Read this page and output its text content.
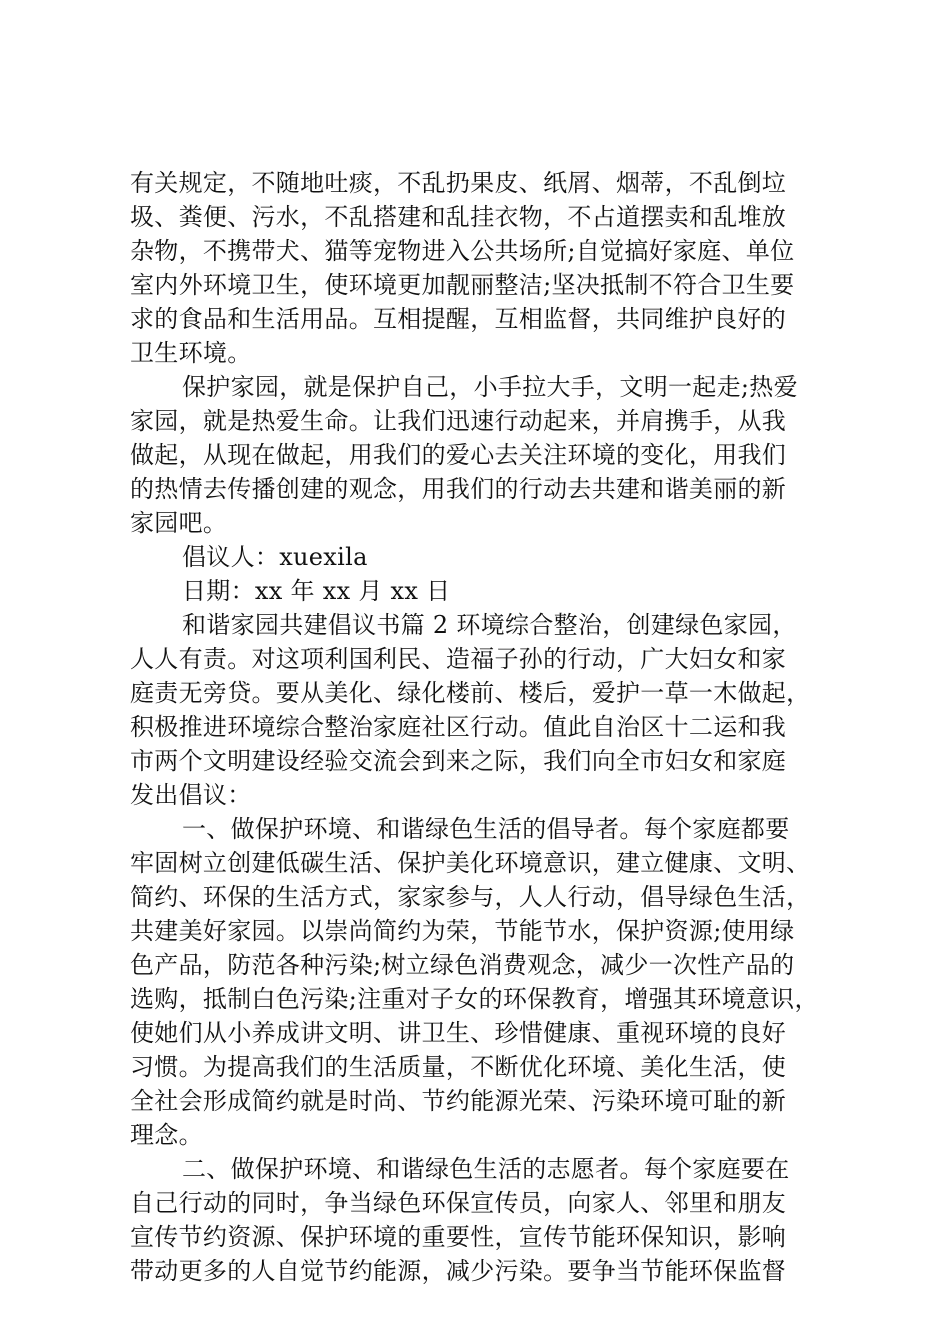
有关规定，不随地吐痰，不乱扔果皮、纸屑、烟蒂，不乱倒垃
圾、粪便、污水，不乱搭建和乱挂衣物，不占道摆卖和乱堆放
杂物，不携带犬、猫等宠物进入公共场所;自觉搞好家庭、单位
室内外环境卫生，使环境更加靓丽整洁;坚决抵制不符合卫生要
求的食品和生活用品。互相提醒，互相监督，共同维护良好的
卫生环境。
保护家园，就是保护自己，小手拉大手，文明一起走;热爱
家园，就是热爱生命。让我们迅速行动起来，并肩携手，从我
做起，从现在做起，用我们的爱心去关注环境的变化，用我们
的热情去传播创建的观念，用我们的行动去共建和谐美丽的新
家园吧。
倡议人：xuexila
日期：xx 年 xx 月 xx 日
和谐家园共建倡议书篇 2 环境综合整治，创建绿色家园，
人人有责。对这项利国利民、造福子孙的行动，广大妇女和家
庭责无旁贷。要从美化、绿化楼前、楼后，爱护一草一木做起，
积极推进环境综合整治家庭社区行动。值此自治区十二运和我
市两个文明建设经验交流会到来之际，我们向全市妇女和家庭
发出倡议：
一、做保护环境、和谐绿色生活的倡导者。每个家庭都要
牢固树立创建低碳生活、保护美化环境意识，建立健康、文明、
简约、环保的生活方式，家家参与，人人行动，倡导绿色生活，
共建美好家园。以崇尚简约为荣，节能节水，保护资源;使用绿
色产品，防范各种污染;树立绿色消费观念，减少一次性产品的
选购，抵制白色污染;注重对子女的环保教育，增强其环境意识，
使她们从小养成讲文明、讲卫生、珍惜健康、重视环境的良好
习惯。为提高我们的生活质量，不断优化环境、美化生活，使
全社会形成简约就是时尚、节约能源光荣、污染环境可耻的新
理念。
二、做保护环境、和谐绿色生活的志愿者。每个家庭要在
自己行动的同时，争当绿色环保宣传员，向家人、邻里和朋友
宣传节约资源、保护环境的重要性，宣传节能环保知识，影响
带动更多的人自觉节约能源，减少污染。要争当节能环保监督
